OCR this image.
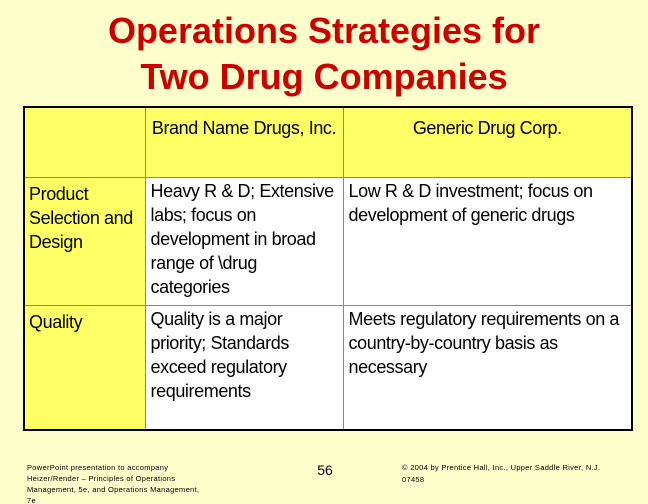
Operations Strategies for
Two Drug Companies
	Brand Name Drugs, Inc.	Generic Drug Corp.
Product Selection and Design	Heavy R & D; Extensive labs; focus on development in broad range of \drug categories	Low R & D investment; focus on development of generic drugs
Quality	Quality is a major priority; Standards exceed regulatory requirements	Meets regulatory requirements on a country-by-country basis as necessary
PowerPoint presentation to accompany
Heizer/Render – Principles of Operations
Management, 5e, and Operations Management,
7e
56	© 2004 by Prentice Hall, Inc., Upper Saddle River, N.J.
07458
